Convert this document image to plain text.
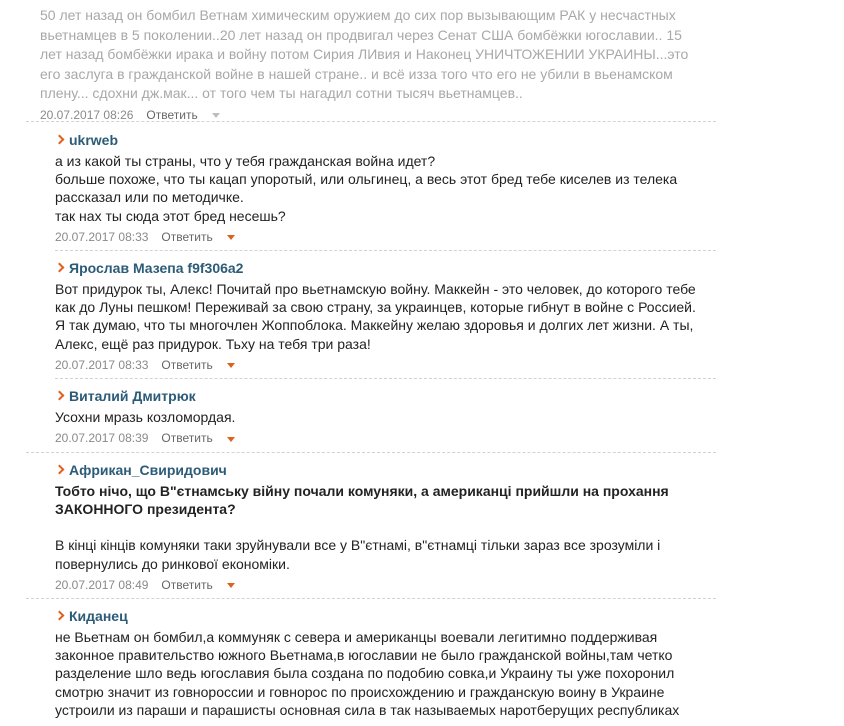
50 лет назад он бомбил Ветнам химическим оружием до сих пор вызывающим РАК у несчастных
вьетнамцев в 5 поколении..20 лет назад он продвигал через Сенат США бомбёжки югославии.. 15
лет назад бомбёжки ирака и войну потом Сирия ЛИвия и Наконец УНИЧТОЖЕНИИ УКРАИНЫ...это
его заслуга в гражданской войне в нашей стране.. и всё изза того что его не убили в вьенамском
плену... сдохни дж.мак... от того чем ты нагадил сотни тысяч вьетнамцев..
20.07.2017 08:26 Ответить
ukrweb

а из какой ты страны, что у тебя гражданская война идет?

больше похоже, что ты кацап упоротый, или ольгинец, а весь этот бред тебе киселев из телека

рассказал или по методичке.

так нах ты сюда этот бред несешь?

20.07.2017 08:33 Ответить
Ярослав Мазепа f9f306a2

Вот придурок ты, Алекс! Почитай про вьетнамскую войну. Маккейн - это человек, до которого тебе

как до Луны пешком! Переживай за свою страну, за украинцев, которые гибнут в войне с Россией.

Я так думаю, что ты многочлен Жоппоблока. Маккейну желаю здоровья и долгих лет жизни. А ты,

Алекс, ещё раз придурок. Тьху на тебя три раза!

20.07.2017 08:33 Ответить
Виталий Дмитрюк

Усохни мразь козломордая.

20.07.2017 08:39 Ответить
Африкан_Свиридович

Тобто нічо, що В"єтнамську війну почали комуняки, а американці прийшли на прохання

ЗАКОННОГО президента?

В кінці кінців комуняки таки зруйнували все у В"єтнамі, в"єтнамці тільки зараз все зрозуміли і

повернулись до ринкової економіки.

20.07.2017 08:49 Ответить
Киданец

не Вьетнам он бомбил,а коммуняк с севера и американцы воевали легитимно поддерживая

законное правительство южного Вьетнама,в югославии не было гражданской войны,там четко

разделение шло ведь югославия была создана по подобию совка,и Украину ты уже похоронил

смотрю значит из говнороссии и говнорос по происхождению и гражданскую воину в Украине

устроили из параши и парашисты основная сила в так называемых наротберущих республиках
